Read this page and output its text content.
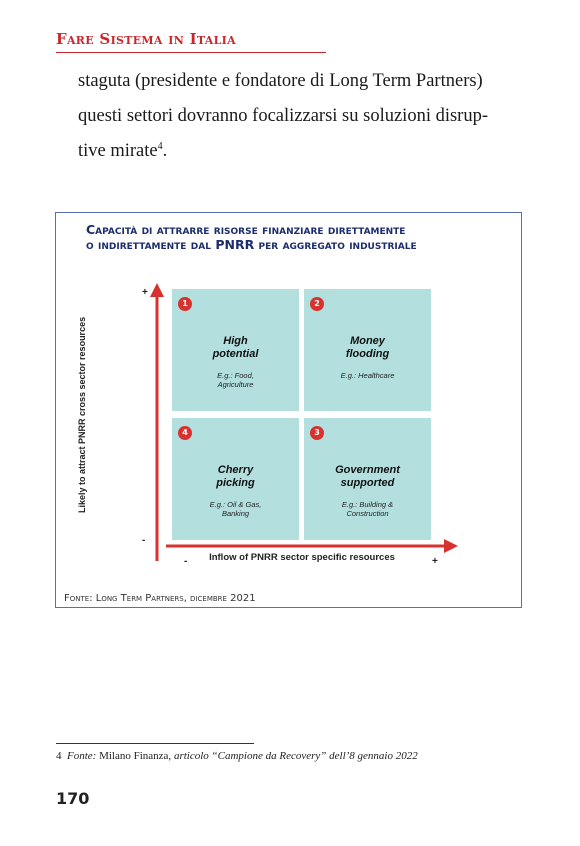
Fare Sistema in Italia
staguta (presidente e fondatore di Long Term Partners)
questi settori dovranno focalizzarsi su soluzioni disrup-
tive mirate$^4$.
Capacità di attrarre risorse finanziare direttamente
o indirettamente dal PNRR per aggregato industriale
Likely to attract PNRR cross sector resources
+
-
Inflow of PNRR sector specific resources
-	+
1
High
potential
E.g.: Food,
Agriculture
2
Money
flooding
E.g.: Healthcare
3
Government
supported
E.g.: Building &
Construction
4
Cherry
picking
E.g.: Oil & Gas,
Banking
Fonte: Long Term Partners, dicembre 2021
4 Fonte: Milano Finanza, articolo “Campione da Recovery” dell’8 gennaio 2022
170
